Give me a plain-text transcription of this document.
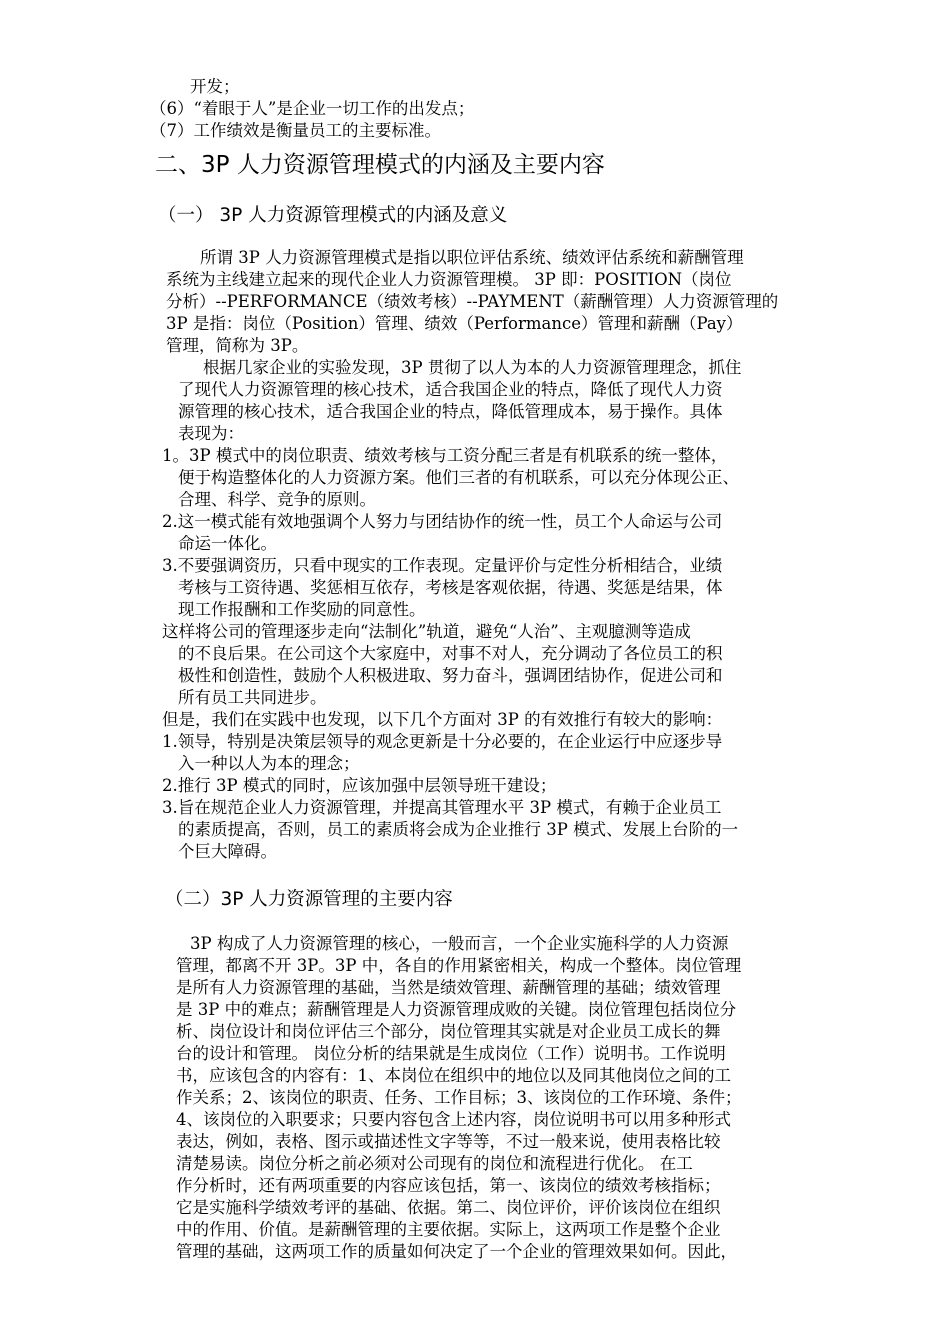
开发；
（6）“着眼于人”是企业一切工作的出发点；
（7）工作绩效是衡量员工的主要标准。
二、3P 人力资源管理模式的内涵及主要内容
（一） 3P 人力资源管理模式的内涵及意义
所谓 3P 人力资源管理模式是指以职位评估系统、绩效评估系统和薪酬管理
系统为主线建立起来的现代企业人力资源管理模。 3P 即：POSITION（岗位
分析）--PERFORMANCE（绩效考核）--PAYMENT（薪酬管理）人力资源管理的
3P 是指：岗位（Position）管理、绩效（Performance）管理和薪酬（Pay）
管理，简称为 3P。
根据几家企业的实验发现，3P 贯彻了以人为本的人力资源管理理念，抓住
了现代人力资源管理的核心技术，适合我国企业的特点，降低了现代人力资
源管理的核心技术，适合我国企业的特点，降低管理成本，易于操作。具体
表现为：
1。3P 模式中的岗位职责、绩效考核与工资分配三者是有机联系的统一整体，
便于构造整体化的人力资源方案。他们三者的有机联系，可以充分体现公正、
合理、科学、竞争的原则。
2.这一模式能有效地强调个人努力与团结协作的统一性，员工个人命运与公司
命运一体化。
3.不要强调资历，只看中现实的工作表现。定量评价与定性分析相结合，业绩
考核与工资待遇、奖惩相互依存，考核是客观依据，待遇、奖惩是结果，体
现工作报酬和工作奖励的同意性。
这样将公司的管理逐步走向“法制化”轨道，避免“人治”、主观臆测等造成
的不良后果。在公司这个大家庭中，对事不对人，充分调动了各位员工的积
极性和创造性，鼓励个人积极进取、努力奋斗，强调团结协作，促进公司和
所有员工共同进步。
但是，我们在实践中也发现，以下几个方面对 3P 的有效推行有较大的影响：
1.领导，特别是决策层领导的观念更新是十分必要的，在企业运行中应逐步导
入一种以人为本的理念；
2.推行 3P 模式的同时，应该加强中层领导班干建设；
3.旨在规范企业人力资源管理，并提高其管理水平 3P 模式，有赖于企业员工
的素质提高，否则，员工的素质将会成为企业推行 3P 模式、发展上台阶的一
个巨大障碍。
（二）3P 人力资源管理的主要内容
3P 构成了人力资源管理的核心，一般而言，一个企业实施科学的人力资源
管理，都离不开 3P。3P 中，各自的作用紧密相关，构成一个整体。岗位管理
是所有人力资源管理的基础，当然是绩效管理、薪酬管理的基础；绩效管理
是 3P 中的难点；薪酬管理是人力资源管理成败的关键。岗位管理包括岗位分
析、岗位设计和岗位评估三个部分，岗位管理其实就是对企业员工成长的舞
台的设计和管理。 岗位分析的结果就是生成岗位（工作）说明书。工作说明
书，应该包含的内容有：1、本岗位在组织中的地位以及同其他岗位之间的工
作关系；2、该岗位的职责、任务、工作目标；3、该岗位的工作环境、条件；
4、该岗位的入职要求；只要内容包含上述内容，岗位说明书可以用多种形式
表达，例如，表格、图示或描述性文字等等，不过一般来说，使用表格比较
清楚易读。岗位分析之前必须对公司现有的岗位和流程进行优化。 在工
作分析时，还有两项重要的内容应该包括，第一、该岗位的绩效考核指标；
它是实施科学绩效考评的基础、依据。第二、岗位评价，评价该岗位在组织
中的作用、价值。是薪酬管理的主要依据。实际上，这两项工作是整个企业
管理的基础，这两项工作的质量如何决定了一个企业的管理效果如何。因此，
